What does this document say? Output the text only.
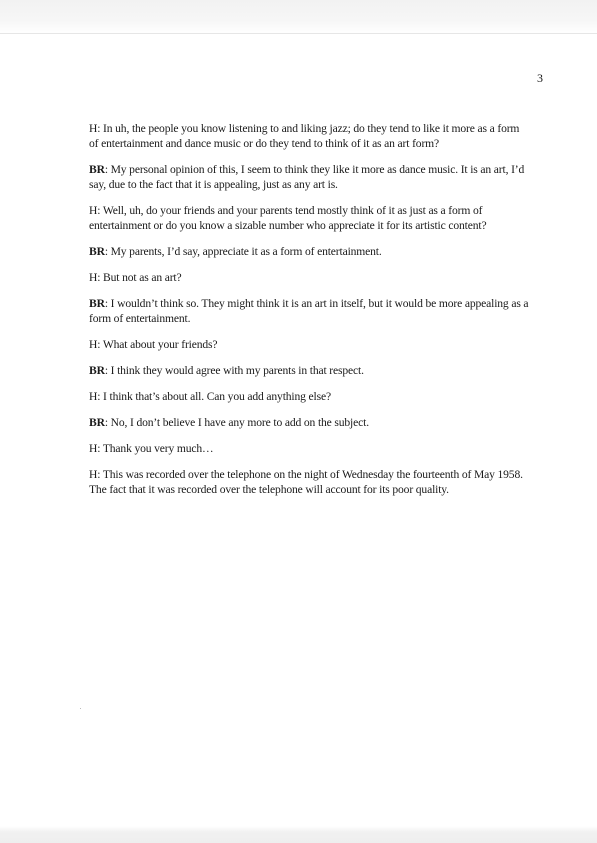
3

H: In uh, the people you know listening to and liking jazz; do they tend to like it more as a form of entertainment and dance music or do they tend to think of it as an art form?

BR: My personal opinion of this, I seem to think they like it more as dance music. It is an art, I’d say, due to the fact that it is appealing, just as any art is.

H: Well, uh, do your friends and your parents tend mostly think of it as just as a form of entertainment or do you know a sizable number who appreciate it for its artistic content?

BR: My parents, I’d say, appreciate it as a form of entertainment.

H: But not as an art?

BR: I wouldn’t think so. They might think it is an art in itself, but it would be more appealing as a form of entertainment.

H: What about your friends?

BR: I think they would agree with my parents in that respect.

H: I think that’s about all. Can you add anything else?

BR: No, I don’t believe I have any more to add on the subject.

H: Thank you very much…

H: This was recorded over the telephone on the night of Wednesday the fourteenth of May 1958. The fact that it was recorded over the telephone will account for its poor quality.
